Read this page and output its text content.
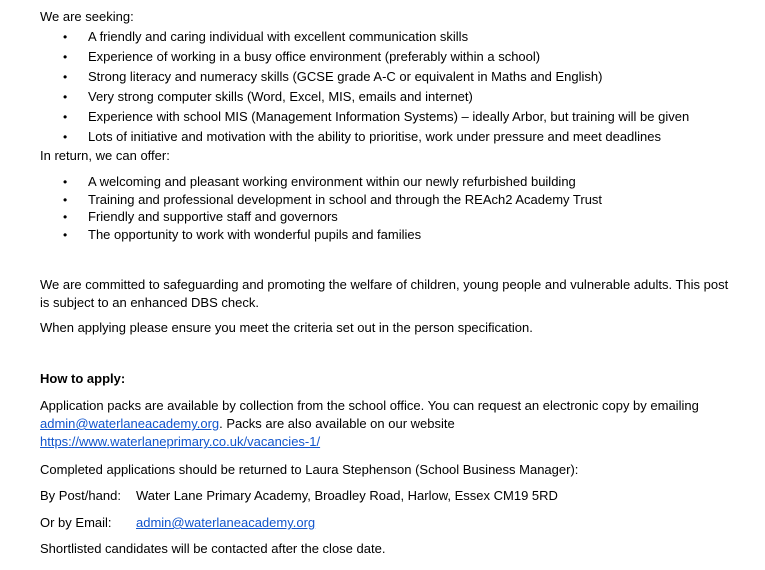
We are seeking:
•	A friendly and caring individual with excellent communication skills
•	Experience of working in a busy office environment (preferably within a school)
•	Strong literacy and numeracy skills (GCSE grade A-C or equivalent in Maths and English)
•	Very strong computer skills (Word, Excel, MIS, emails and internet)
•	Experience with school MIS (Management Information Systems) – ideally Arbor, but training will be given
•	Lots of initiative and motivation with the ability to prioritise, work under pressure and meet deadlines
In return, we can offer:
•	A welcoming and pleasant working environment within our newly refurbished building
•	Training and professional development in school and through the REAch2 Academy Trust
•	Friendly and supportive staff and governors
•	The opportunity to work with wonderful pupils and families
We are committed to safeguarding and promoting the welfare of children, young people and vulnerable adults. This post
is subject to an enhanced DBS check.
When applying please ensure you meet the criteria set out in the person specification.
How to apply:
Application packs are available by collection from the school office. You can request an electronic copy by emailing
admin@waterlaneacademy.org. Packs are also available on our website
https://www.waterlaneprimary.co.uk/vacancies-1/
Completed applications should be returned to Laura Stephenson (School Business Manager):
By Post/hand: Water Lane Primary Academy, Broadley Road, Harlow, Essex CM19 5RD
Or by Email: admin@waterlaneacademy.org
Shortlisted candidates will be contacted after the close date.
